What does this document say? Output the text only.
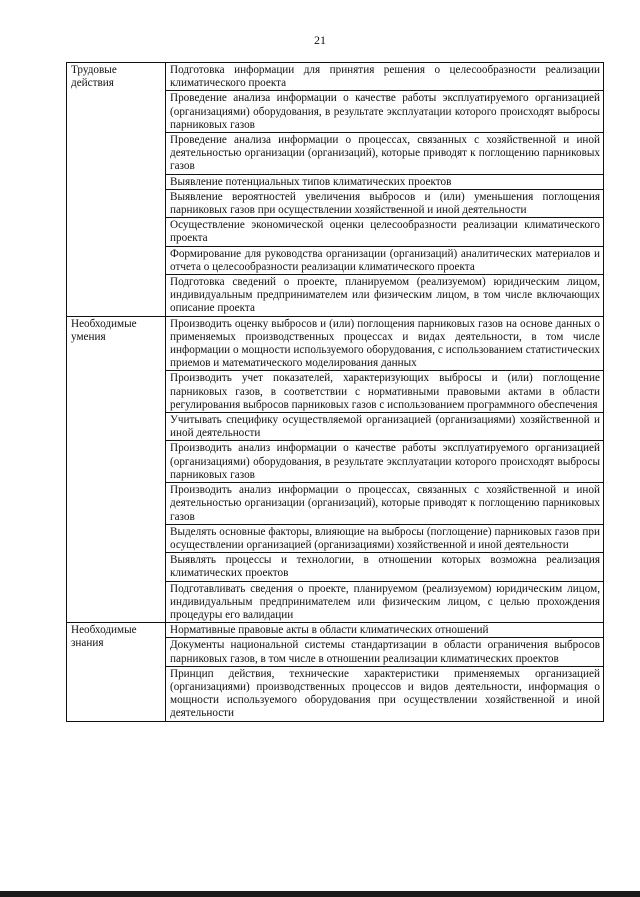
21
Трудовые действия	Подготовка информации для принятия решения о целесообразности реализации климатического проекта
	Проведение анализа информации о качестве работы эксплуатируемого организацией (организациями) оборудования, в результате эксплуатации которого происходят выбросы парниковых газов
	Проведение анализа информации о процессах, связанных с хозяйственной и иной деятельностью организации (организаций), которые приводят к поглощению парниковых газов
	Выявление потенциальных типов климатических проектов
	Выявление вероятностей увеличения выбросов и (или) уменьшения поглощения парниковых газов при осуществлении хозяйственной и иной деятельности
	Осуществление экономической оценки целесообразности реализации климатического проекта
	Формирование для руководства организации (организаций) аналитических материалов и отчета о целесообразности реализации климатического проекта
	Подготовка сведений о проекте, планируемом (реализуемом) юридическим лицом, индивидуальным предпринимателем или физическим лицом, в том числе включающих описание проекта
Необходимые умения	Производить оценку выбросов и (или) поглощения парниковых газов на основе данных о применяемых производственных процессах и видах деятельности, в том числе информации о мощности используемого оборудования, с использованием статистических приемов и математического моделирования данных
	Производить учет показателей, характеризующих выбросы и (или) поглощение парниковых газов, в соответствии с нормативными правовыми актами в области регулирования выбросов парниковых газов с использованием программного обеспечения
	Учитывать специфику осуществляемой организацией (организациями) хозяйственной и иной деятельности
	Производить анализ информации о качестве работы эксплуатируемого организацией (организациями) оборудования, в результате эксплуатации которого происходят выбросы парниковых газов
	Производить анализ информации о процессах, связанных с хозяйственной и иной деятельностью организации (организаций), которые приводят к поглощению парниковых газов
	Выделять основные факторы, влияющие на выбросы (поглощение) парниковых газов при осуществлении организацией (организациями) хозяйственной и иной деятельности
	Выявлять процессы и технологии, в отношении которых возможна реализация климатических проектов
	Подготавливать сведения о проекте, планируемом (реализуемом) юридическим лицом, индивидуальным предпринимателем или физическим лицом, с целью прохождения процедуры его валидации
Необходимые знания	Нормативные правовые акты в области климатических отношений
	Документы национальной системы стандартизации в области ограничения выбросов парниковых газов, в том числе в отношении реализации климатических проектов
	Принцип действия, технические характеристики применяемых организацией (организациями) производственных процессов и видов деятельности, информация о мощности используемого оборудования при осуществлении хозяйственной и иной деятельности
